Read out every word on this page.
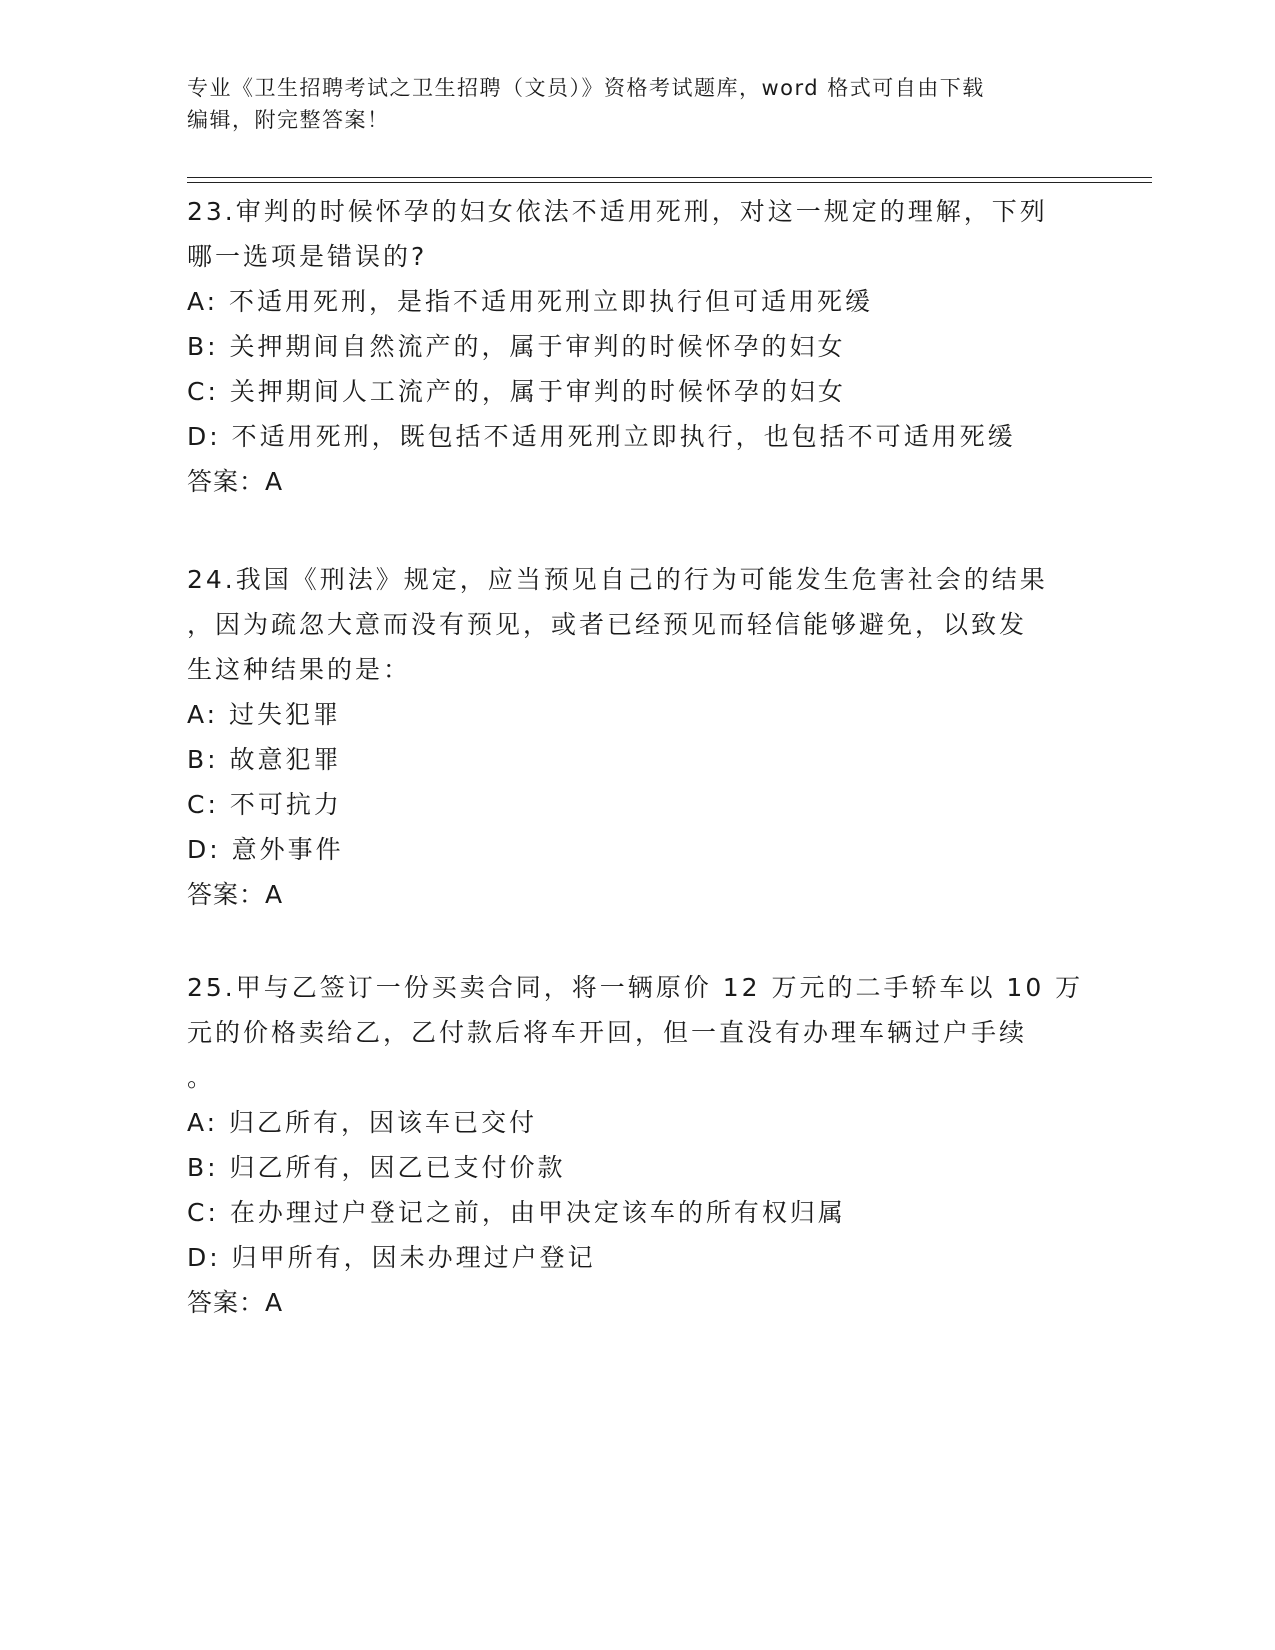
专业《卫生招聘考试之卫生招聘（文员）》资格考试题库，word 格式可自由下载
编辑，附完整答案！

23.审判的时候怀孕的妇女依法不适用死刑，对这一规定的理解，下列

哪一选项是错误的?

A: 不适用死刑，是指不适用死刑立即执行但可适用死缓

B: 关押期间自然流产的，属于审判的时候怀孕的妇女

C: 关押期间人工流产的，属于审判的时候怀孕的妇女

D: 不适用死刑，既包括不适用死刑立即执行，也包括不可适用死缓

答案：A

24.我国《刑法》规定，应当预见自己的行为可能发生危害社会的结果

，因为疏忽大意而没有预见，或者已经预见而轻信能够避免，以致发

生这种结果的是：

A: 过失犯罪

B: 故意犯罪

C: 不可抗力

D: 意外事件

答案：A

25.甲与乙签订一份买卖合同，将一辆原价 12 万元的二手轿车以 10 万

元的价格卖给乙，乙付款后将车开回，但一直没有办理车辆过户手续

。

A: 归乙所有，因该车已交付

B: 归乙所有，因乙已支付价款

C: 在办理过户登记之前，由甲决定该车的所有权归属

D: 归甲所有，因未办理过户登记

答案：A
